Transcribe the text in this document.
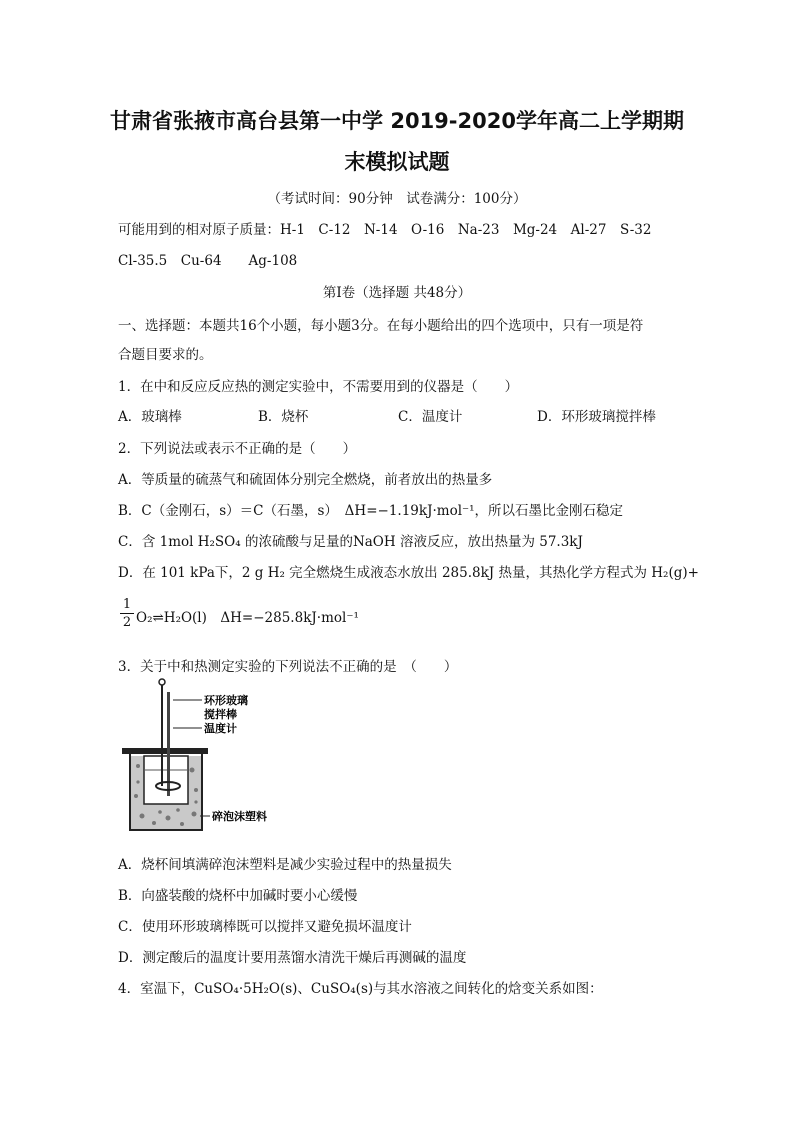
甘肃省张掖市高台县第一中学 2019-2020学年高二上学期期
末模拟试题
（考试时间：90分钟　试卷满分：100分）
可能用到的相对原子质量：H-1　C-12　N-14　O-16　Na-23　Mg-24　Al-27　S-32
Cl-35.5　Cu-64　　Ag-108
第Ⅰ卷（选择题 共48分）
一、选择题：本题共16个小题，每小题3分。在每小题给出的四个选项中，只有一项是符
合题目要求的。
1．在中和反应反应热的测定实验中，不需要用到的仪器是（　　）
A．玻璃棒	B．烧杯	C．温度计	D．环形玻璃搅拌棒
2．下列说法或表示不正确的是（　　）
A．等质量的硫蒸气和硫固体分别完全燃烧，前者放出的热量多
B．C（金刚石，s）＝C（石墨，s）　ΔH=−1.19kJ·mol⁻¹，所以石墨比金刚石稳定
C．含 1mol H₂SO₄ 的浓硫酸与足量的NaOH 溶液反应，放出热量为 57.3kJ
D．在 101 kPa下，2 g H₂ 完全燃烧生成液态水放出 285.8kJ 热量，其热化学方程式为 H₂(g)+
1
2 O₂⇌H₂O(l)　ΔH=−285.8kJ·mol⁻¹
3．关于中和热测定实验的下列说法不正确的是　（　　）
环形玻璃
搅拌棒
温度计
碎泡沫塑料
A．烧杯间填满碎泡沫塑料是减少实验过程中的热量损失
B．向盛装酸的烧杯中加碱时要小心缓慢
C．使用环形玻璃棒既可以搅拌又避免损坏温度计
D．测定酸后的温度计要用蒸馏水清洗干燥后再测碱的温度
4．室温下，CuSO₄·5H₂O(s)、CuSO₄(s)与其水溶液之间转化的焓变关系如图：
